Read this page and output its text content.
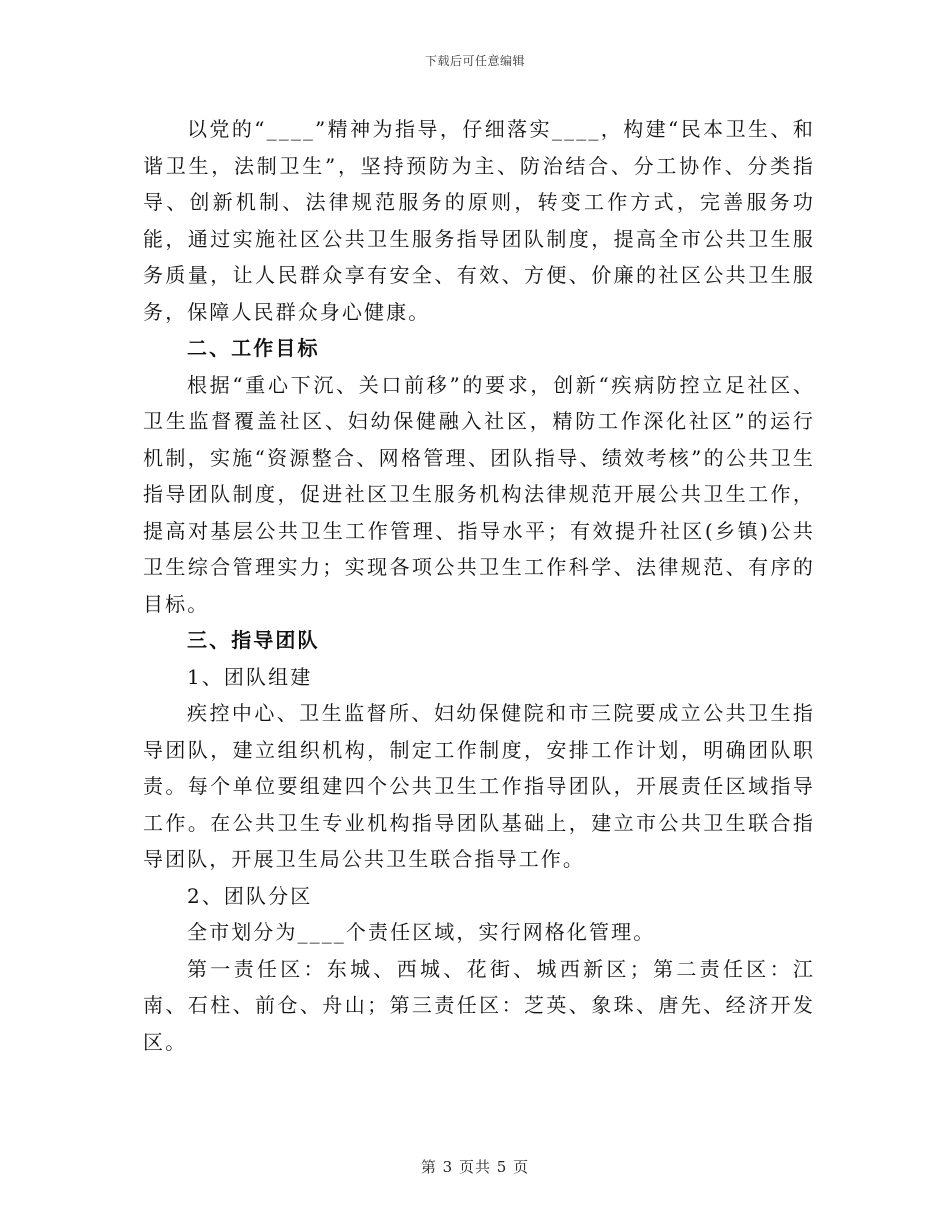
下载后可任意编辑

以党的“____”精神为指导，仔细落实____，构建“民本卫生、和谐卫生，法制卫生”，坚持预防为主、防治结合、分工协作、分类指导、创新机制、法律规范服务的原则，转变工作方式，完善服务功能，通过实施社区公共卫生服务指导团队制度，提高全市公共卫生服务质量，让人民群众享有安全、有效、方便、价廉的社区公共卫生服务，保障人民群众身心健康。

二、工作目标

根据“重心下沉、关口前移”的要求，创新“疾病防控立足社区、卫生监督覆盖社区、妇幼保健融入社区，精防工作深化社区”的运行机制，实施“资源整合、网格管理、团队指导、绩效考核”的公共卫生指导团队制度，促进社区卫生服务机构法律规范开展公共卫生工作，提高对基层公共卫生工作管理、指导水平；有效提升社区(乡镇)公共卫生综合管理实力；实现各项公共卫生工作科学、法律规范、有序的目标。

三、指导团队

1、团队组建

疾控中心、卫生监督所、妇幼保健院和市三院要成立公共卫生指导团队，建立组织机构，制定工作制度，安排工作计划，明确团队职责。每个单位要组建四个公共卫生工作指导团队，开展责任区域指导工作。在公共卫生专业机构指导团队基础上，建立市公共卫生联合指导团队，开展卫生局公共卫生联合指导工作。

2、团队分区

全市划分为____个责任区域，实行网格化管理。

第一责任区：东城、西城、花街、城西新区；第二责任区：江南、石柱、前仓、舟山；第三责任区：芝英、象珠、唐先、经济开发区。

第 3 页共 5 页
